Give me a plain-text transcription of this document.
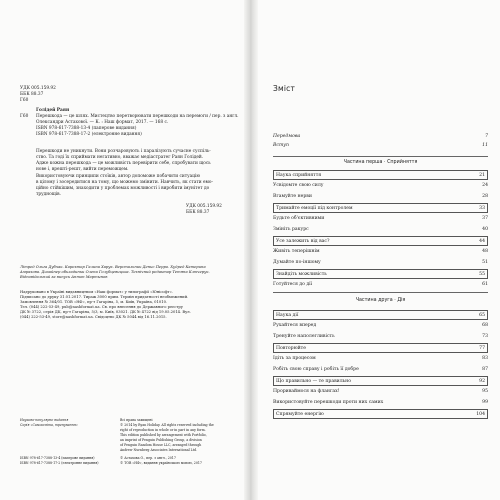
УДК 005.159.92
ББК 88.37
Г60
Голідей Раян
Г60 Перешкода — це шлях. Мистецтво перетворювати перешкоди на перемоги / пер. з англ.
Олександри Астахової. — К. : Наш формат, 2017. — 168 с.
ISBN 978-617-7388-13-4 (паперове видання)
ISBN 978-617-7388-17-2 (електронне видання)
Перешкоди не уникнути. Вони розчаровують і паралізують сучасне суспіль-
ство. Та годі їх сприймати негативно, вважає медіастратег Раян Голідей.
Адже кожна перешкода — це можливість перевірити себе, спробувати щось
нове і, врешті-решт, вийти переможцем.
Використовуючи принципи стоїків, автор допоможе побачити ситуацію
в цілому і зосередитися на тому, що можемо змінити. Навчить, як стати емо-
ційно стійкішим, знаходити у проблемах можливості і виробити імунітет до
труднощів.
УДК 005.159.92
ББК 88.37
Літред Ольга Дубчак. Коректор Галина Харук. Верстальник Денис Перро. Худред Катерина
Амрахова. Дизайнер обкладинки Олена Голубцевицька. Технічний редактор Тетяна Ключерук.
Відповідальний за випуск Антон Мартынов
Надруковано в Україні видавництвом «Наш формат» у типографії «Юнісофт».
Підписано до друку 31.01.2017. Тираж 3000 прим. Термін придатності необмежений.
Замовлення № 364/01. ТОВ «НФ», пр-т Гагаріна, 5, м. Київ, Україна, 01010.
Тел. (044) 222-53-49, pub@nashformat.ua. Св. про внесення до Державного реєстру
ДК № 3722, серія ДК, пр-т Гагаріна, 5/3, м. Київ, 03021. ДК № 4722 від 19.05.2014. Вул.
(044) 222-53-49, store@nashformat.ua. Свідоцтво ДК № 5044 від 16.11.2015.
Науково-популярне видання
Серія «Самоосвіта, тренування»
ISBN 978-617-7388-13-4 (паперове видання)
ISBN 978-617-7388-17-2 (електронне видання)
Всі права захищені
© 2014 by Ryan Holiday. All rights reserved including the
right of reproduction in whole or in part in any form.
This edition published by arrangement with Portfolio,
an imprint of Penguin Publishing Group, a division
of Penguin Random House LLC, arranged through
Andrew Nurnberg Associates International Ltd.
© Астахова О., пер. з англ., 2017
© ТОВ «НФ», видання українською мовою, 2017
Зміст
Передмова	7
Вступ	11
Частина перша · Сприйняття
Наука сприйняття	21
Усвідомте свою силу	24
Вгамуйте нерви	28
Тримайте емоції під контролем	33
Будьте об'єктивними	37
Змініть ракурс	40
Усе залежить від вас?	44
Живіть теперішнім	48
Думайте по-іншому	51
Знайдіть можливість	55
Готуйтеся до дії	61
Частина друга · Дія
Наука дії	65
Рухайтеся вперед	68
Тренуйте наполегливість	73
Повторюйте	77
Ідіть за процесом	83
Робіть свою справу і робіть її добре	87
Що правильно — те правильно	92
Прориваймося на флангах!	95
Використовуйте перешкоди проти них самих	99
Спрямуйте енергію	104
